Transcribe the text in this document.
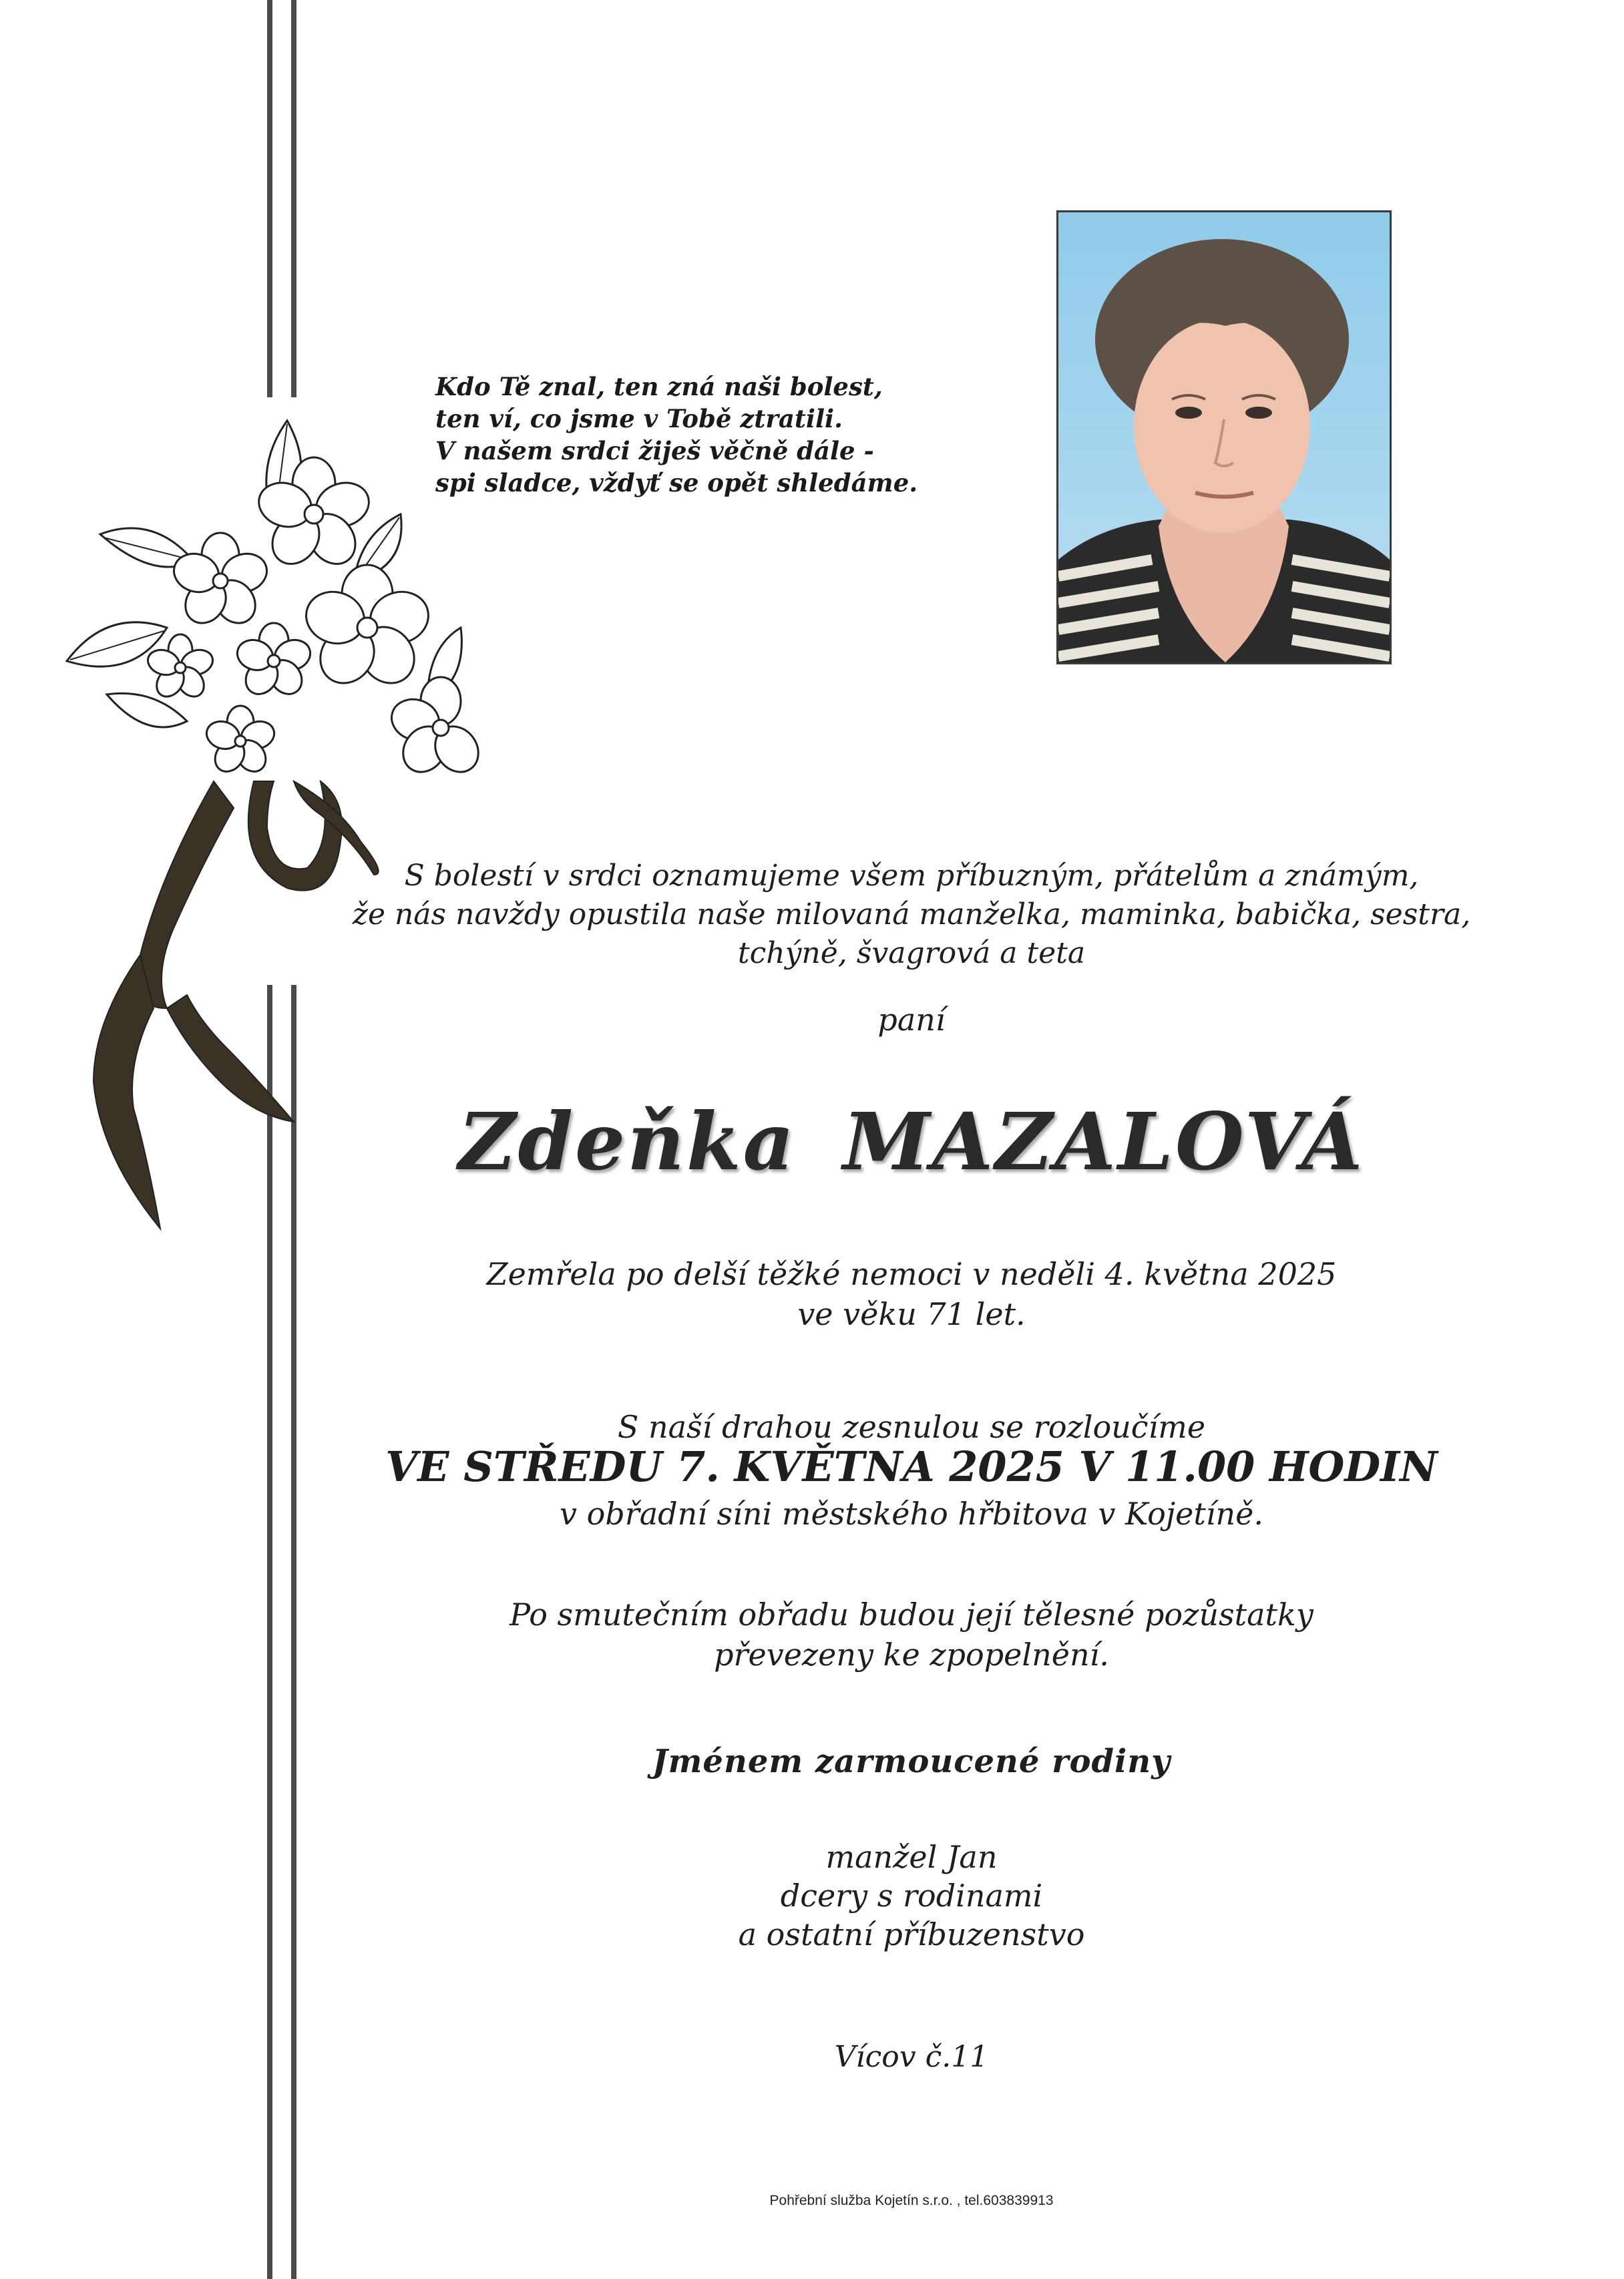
Kdo Tě znal, ten zná naši bolest,
ten ví, co jsme v Tobě ztratili.
V našem srdci žiješ věčně dále -
spi sladce, vždyť se opět shledáme.
S bolestí v srdci oznamujeme všem příbuzným, přátelům a známým,
že nás navždy opustila naše milovaná manželka, maminka, babička, sestra,
tchýně, švagrová a teta
paní
Zdeňka MAZALOVÁ
Zemřela po delší těžké nemoci v neděli 4. května 2025
ve věku 71 let.
S naší drahou zesnulou se rozloučíme
VE STŘEDU 7. KVĚTNA 2025 V 11.00 HODIN
v obřadní síni městského hřbitova v Kojetíně.
Po smutečním obřadu budou její tělesné pozůstatky
převezeny ke zpopelnění.
Jménem zarmoucené rodiny
manžel Jan
dcery s rodinami
a ostatní příbuzenstvo
Vícov č.11
Pohřební služba Kojetín s.r.o. , tel.603839913
